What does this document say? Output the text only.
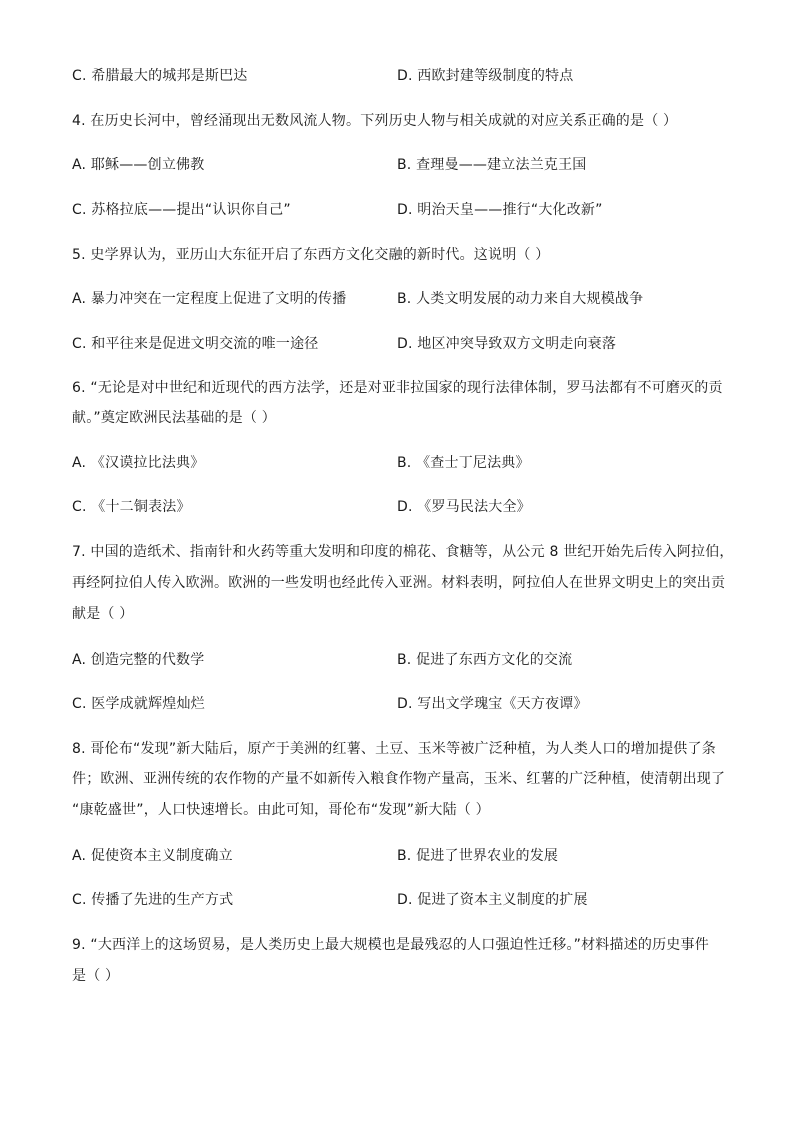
C. 希腊最大的城邦是斯巴达	D. 西欧封建等级制度的特点
4. 在历史长河中，曾经涌现出无数风流人物。下列历史人物与相关成就的对应关系正确的是（ ）
A. 耶稣——创立佛教	B. 查理曼——建立法兰克王国
C. 苏格拉底——提出“认识你自己”	D. 明治天皇——推行“大化改新”
5. 史学界认为，亚历山大东征开启了东西方文化交融的新时代。这说明（ ）
A. 暴力冲突在一定程度上促进了文明的传播	B. 人类文明发展的动力来自大规模战争
C. 和平往来是促进文明交流的唯一途径	D. 地区冲突导致双方文明走向衰落
6. “无论是对中世纪和近现代的西方法学，还是对亚非拉国家的现行法律体制，罗马法都有不可磨灭的贡
献。”奠定欧洲民法基础的是（ ）
A. 《汉谟拉比法典》	B. 《查士丁尼法典》
C. 《十二铜表法》	D. 《罗马民法大全》
7. 中国的造纸术、指南针和火药等重大发明和印度的棉花、食糖等，从公元 8 世纪开始先后传入阿拉伯，
再经阿拉伯人传入欧洲。欧洲的一些发明也经此传入亚洲。材料表明，阿拉伯人在世界文明史上的突出贡
献是（ ）
A. 创造完整的代数学	B. 促进了东西方文化的交流
C. 医学成就辉煌灿烂	D. 写出文学瑰宝《天方夜谭》
8. 哥伦布“发现”新大陆后，原产于美洲的红薯、土豆、玉米等被广泛种植，为人类人口的增加提供了条
件；欧洲、亚洲传统的农作物的产量不如新传入粮食作物产量高，玉米、红薯的广泛种植，使清朝出现了
“康乾盛世”，人口快速增长。由此可知，哥伦布“发现”新大陆（ ）
A. 促使资本主义制度确立	B. 促进了世界农业的发展
C. 传播了先进的生产方式	D. 促进了资本主义制度的扩展
9. “大西洋上的这场贸易，是人类历史上最大规模也是最残忍的人口强迫性迁移。”材料描述的历史事件
是（ ）
